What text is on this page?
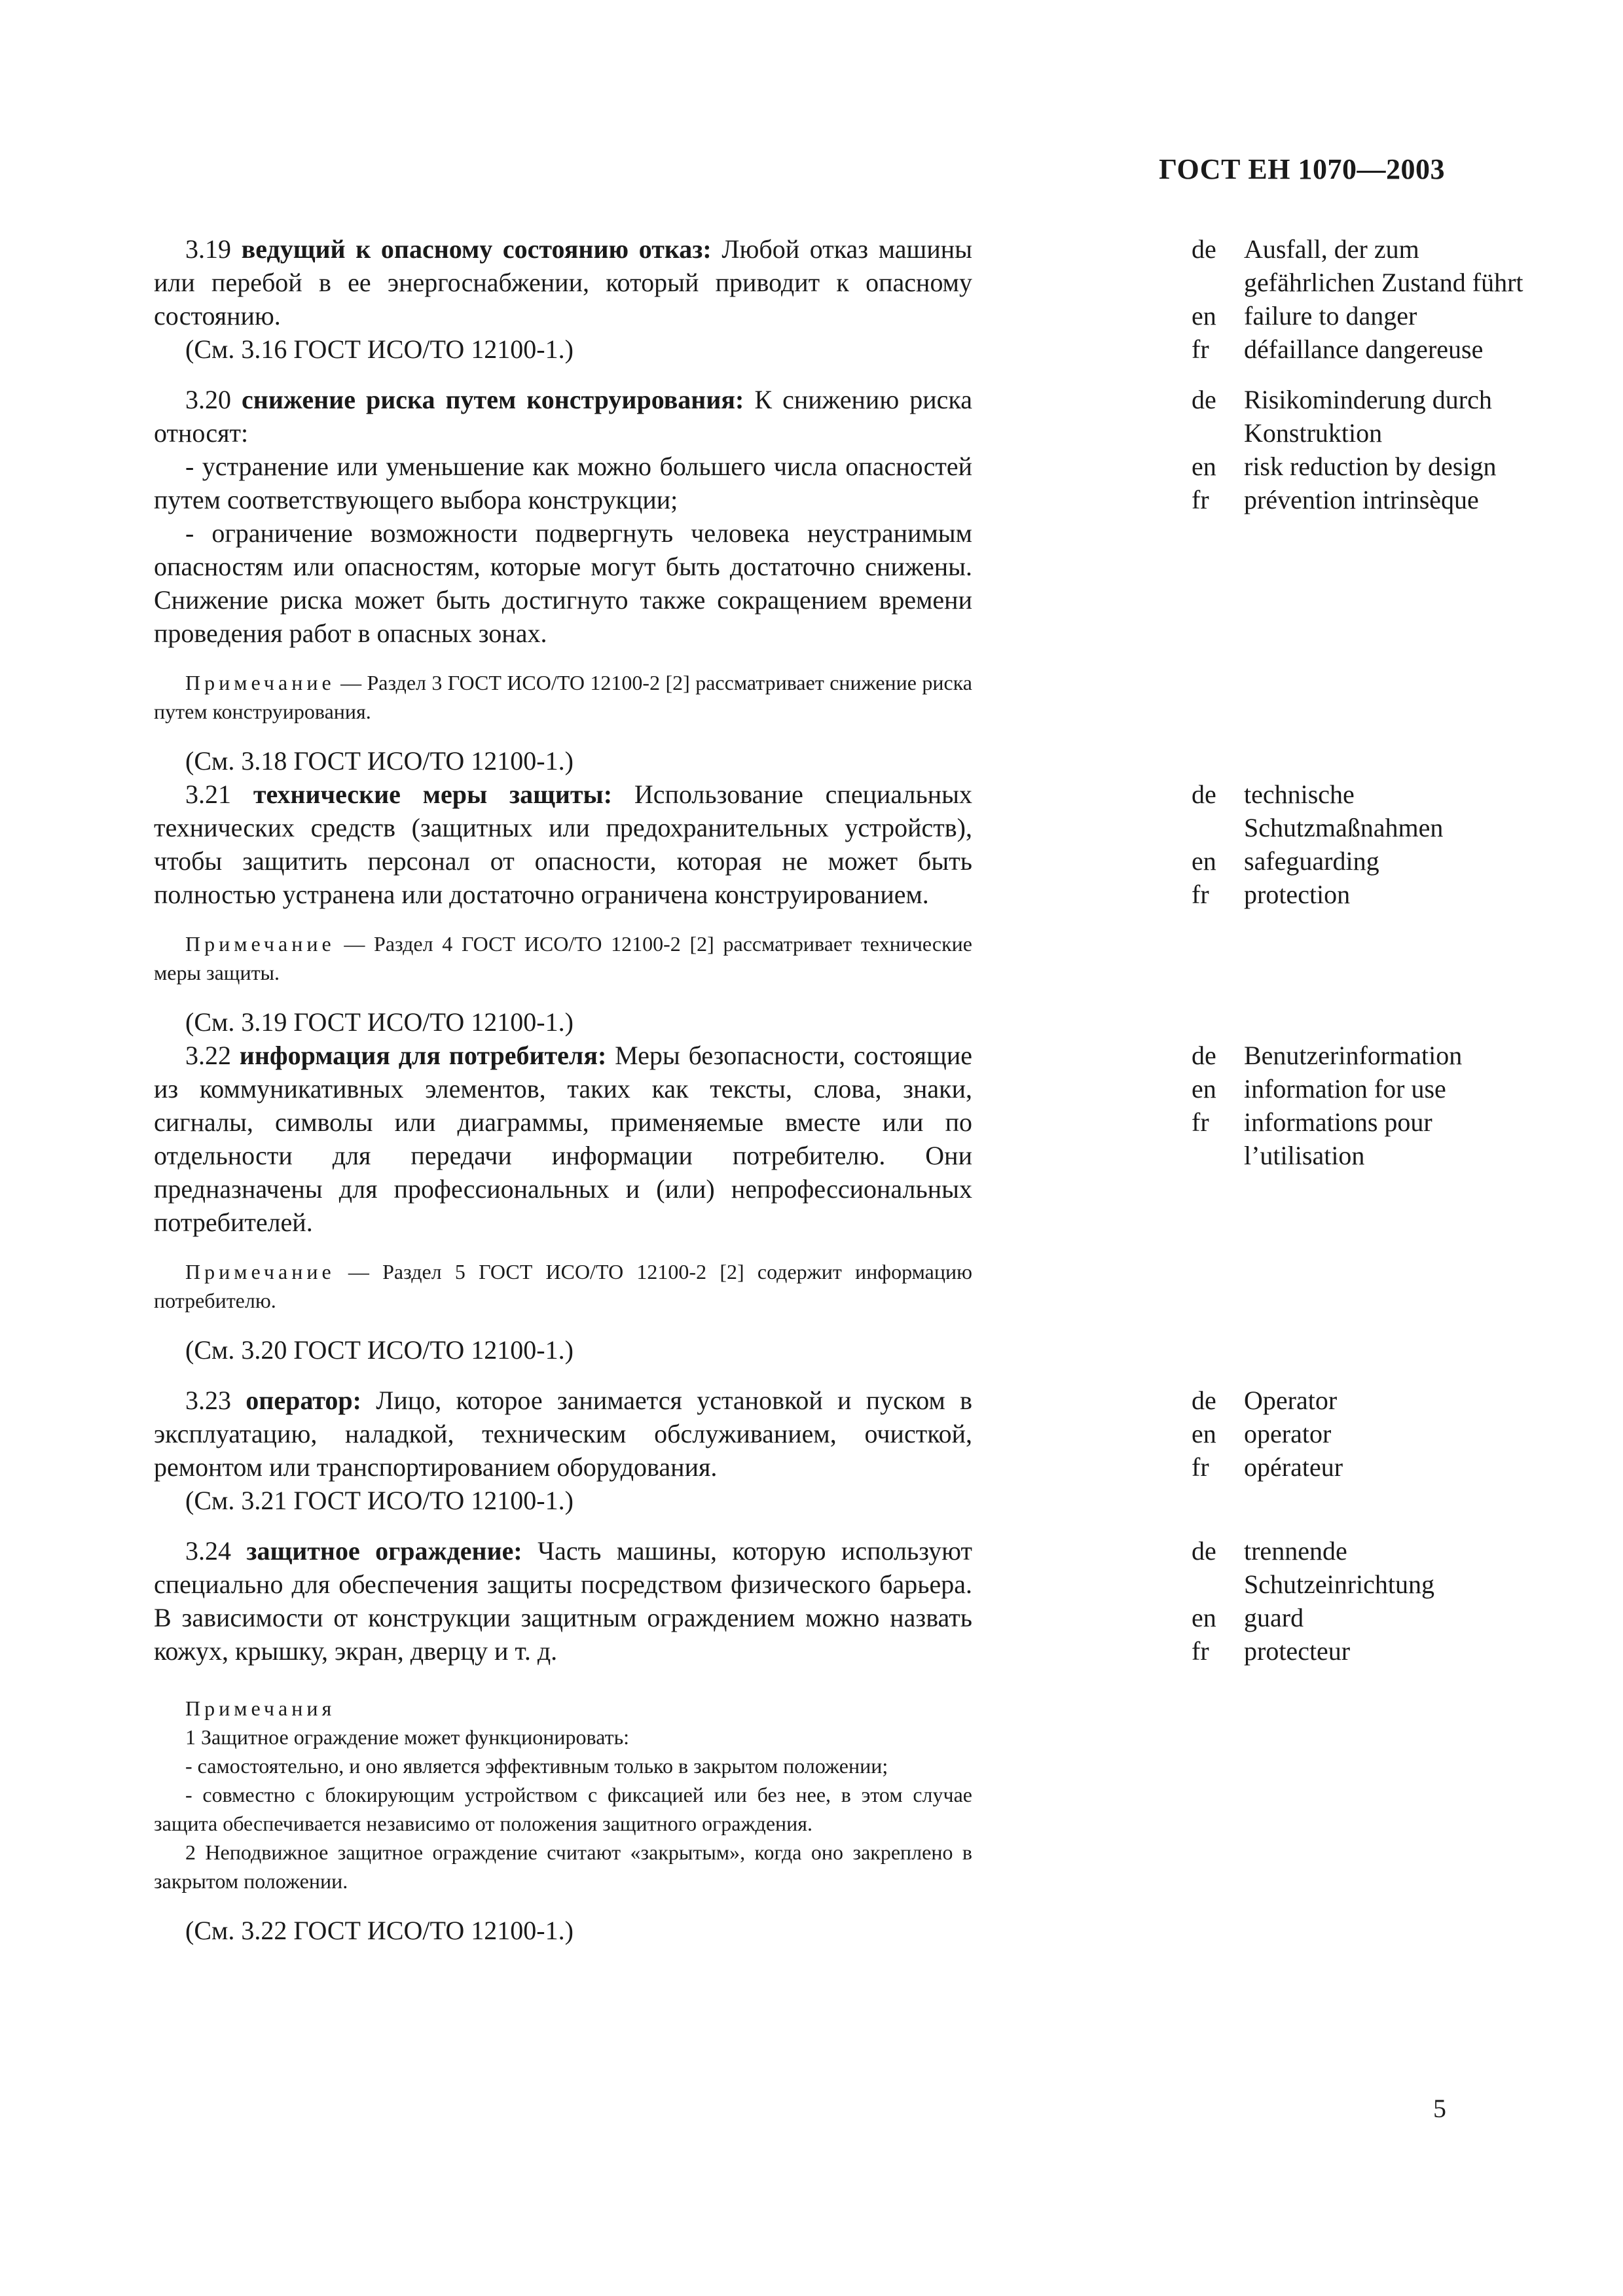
ГОСТ ЕН 1070—2003

3.19 ведущий к опасному состоянию отказ: Любой отказ машины или перебой в ее энергоснабжении, который приводит к опасному состоянию.

(См. 3.16 ГОСТ ИСО/ТО 12100-1.)

de	Ausfall, der zum
gefährlichen Zustand führt
en	failure to danger
fr	défaillance dangereuse

3.20 снижение риска путем конструирования: К снижению риска относят:

- устранение или уменьшение как можно большего числа опасностей путем соответствующего выбора конструкции;

- ограничение возможности подвергнуть человека неустранимым опасностям или опасностям, которые могут быть достаточно снижены. Снижение риска может быть достигнуто также сокращением времени проведения работ в опасных зонах.

Примечание — Раздел 3 ГОСТ ИСО/ТО 12100-2 [2] рассматривает снижение риска путем конструирования.

(См. 3.18 ГОСТ ИСО/ТО 12100-1.)

de	Risikominderung durch
Konstruktion
en	risk reduction by design
fr	prévention intrinsèque

3.21 технические меры защиты: Использование специальных технических средств (защитных или предохранительных устройств), чтобы защитить персонал от опасности, которая не может быть полностью устранена или достаточно ограничена конструированием.

Примечание — Раздел 4 ГОСТ ИСО/ТО 12100-2 [2] рассматривает технические меры защиты.

(См. 3.19 ГОСТ ИСО/ТО 12100-1.)

de	technische
Schutzmaßnahmen
en	safeguarding
fr	protection

3.22 информация для потребителя: Меры безопасности, состоящие из коммуникативных элементов, таких как тексты, слова, знаки, сигналы, символы или диаграммы, применяемые вместе или по отдельности для передачи информации потребителю. Они предназначены для профессиональных и (или) непрофессиональных потребителей.

Примечание — Раздел 5 ГОСТ ИСО/ТО 12100-2 [2] содержит информацию потребителю.

(См. 3.20 ГОСТ ИСО/ТО 12100-1.)

de	Benutzerinformation
en	information for use
fr	informations pour
l’utilisation

3.23 оператор: Лицо, которое занимается установкой и пуском в эксплуатацию, наладкой, техническим обслуживанием, очисткой, ремонтом или транспортированием оборудования.

(См. 3.21 ГОСТ ИСО/ТО 12100-1.)

de	Operator
en	operator
fr	opérateur

3.24 защитное ограждение: Часть машины, которую используют специально для обеспечения защиты посредством физического барьера. В зависимости от конструкции защитным ограждением можно назвать кожух, крышку, экран, дверцу и т. д.

Примечания

1 Защитное ограждение может функционировать:

- самостоятельно, и оно является эффективным только в закрытом положении;

- совместно с блокирующим устройством с фиксацией или без нее, в этом случае защита обеспечивается независимо от положения защитного ограждения.

2 Неподвижное защитное ограждение считают «закрытым», когда оно закреплено в закрытом положении.

(См. 3.22 ГОСТ ИСО/ТО 12100-1.)

de	trennende
Schutzeinrichtung
en	guard
fr	protecteur
5
